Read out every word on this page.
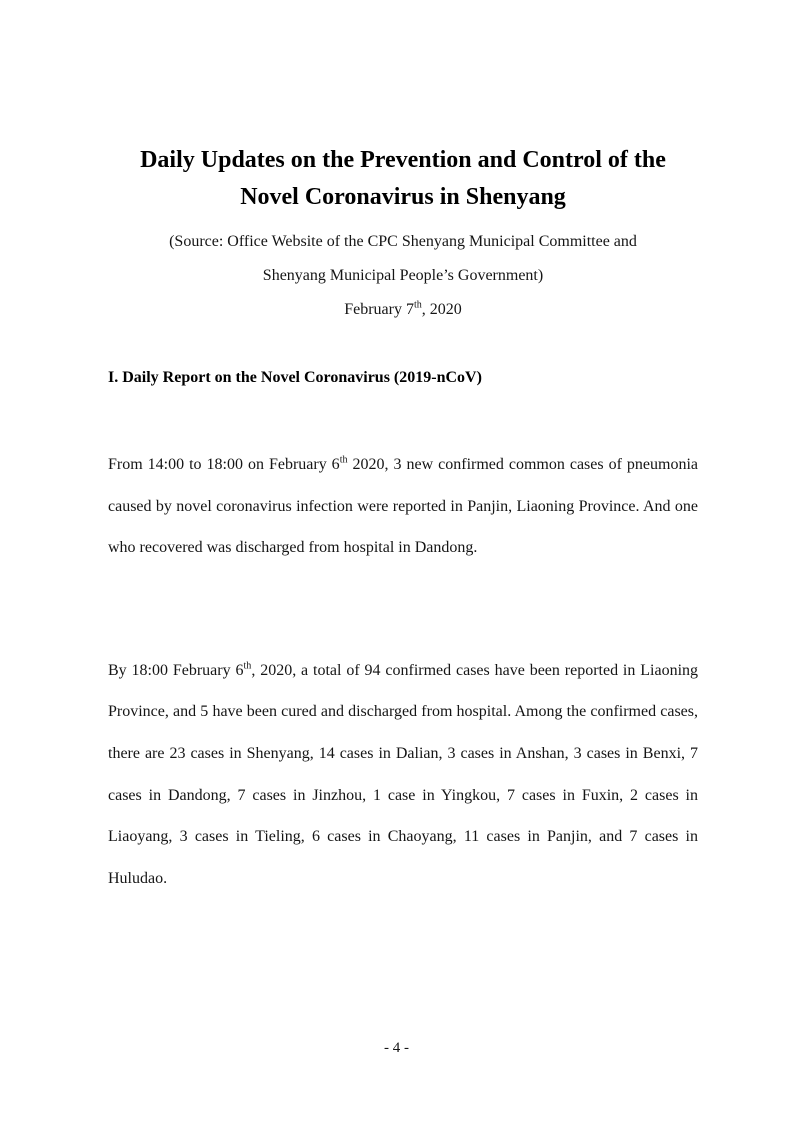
Daily Updates on the Prevention and Control of the
Novel Coronavirus in Shenyang
(Source: Office Website of the CPC Shenyang Municipal Committee and
Shenyang Municipal People’s Government)
February 7th, 2020
I. Daily Report on the Novel Coronavirus (2019-nCoV)

From 14:00 to 18:00 on February 6th 2020, 3 new confirmed common cases of pneumonia caused by novel coronavirus infection were reported in Panjin, Liaoning Province. And one who recovered was discharged from hospital in Dandong.

By 18:00 February 6th, 2020, a total of 94 confirmed cases have been reported in Liaoning Province, and 5 have been cured and discharged from hospital. Among the confirmed cases, there are 23 cases in Shenyang, 14 cases in Dalian, 3 cases in Anshan, 3 cases in Benxi, 7 cases in Dandong, 7 cases in Jinzhou, 1 case in Yingkou, 7 cases in Fuxin, 2 cases in Liaoyang, 3 cases in Tieling, 6 cases in Chaoyang, 11 cases in Panjin, and 7 cases in Huludao.

- 4 -
